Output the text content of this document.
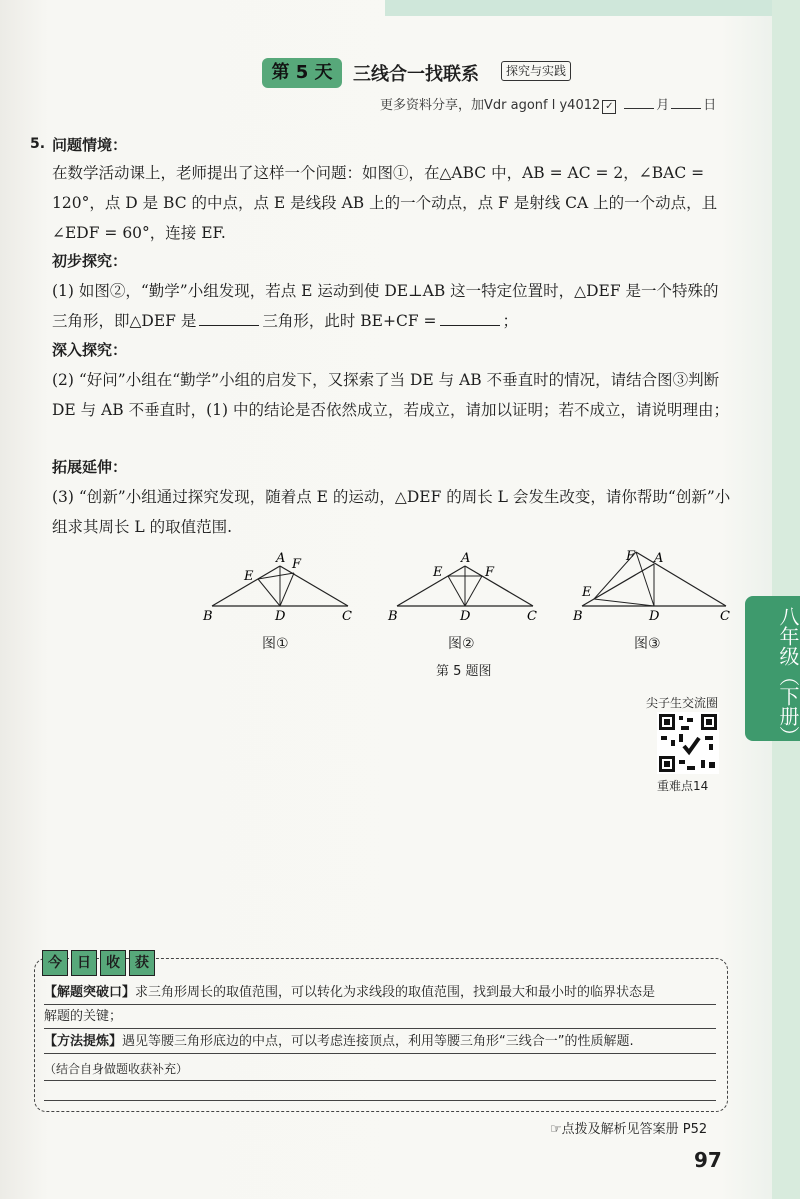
第 5 天	三线合一找联系	探究与实践
更多资料分享，加Vdr agonf l y4012 ✓	月	日
5. 问题情境：
在数学活动课上，老师提出了这样一个问题：如图①，在△ABC 中，AB = AC = 2，∠BAC = 120°，点 D 是 BC 的中点，点 E 是线段 AB 上的一个动点，点 F 是射线 CA 上的一个动点，且∠EDF = 60°，连接 EF.
初步探究：
(1) 如图②，“勤学”小组发现，若点 E 运动到使 DE⊥AB 这一特定位置时，△DEF 是一个特殊的三角形，即△DEF 是	三角形，此时 BE+CF =	；
深入探究：
(2) “好问”小组在“勤学”小组的启发下，又探索了当 DE 与 AB 不垂直时的情况，请结合图③判断 DE 与 AB 不垂直时，(1) 中的结论是否依然成立，若成立，请加以证明；若不成立，请说明理由；
拓展延伸：
(3) “创新”小组通过探究发现，随着点 E 的运动，△DEF 的周长 L 会发生改变，请你帮助“创新”小组求其周长 L 的取值范围.
B	D	C
A
E
F
图①
B	D	C
A
E	F
图②
B	D	C
A
E
F
图③
第 5 题图	八年级（下册）
尖子生交流圈
重难点14
今	日	收	获
【解题突破口】求三角形周长的取值范围，可以转化为求线段的取值范围，找到最大和最小时的临界状态是
解题的关键；
【方法提炼】遇见等腰三角形底边的中点，可以考虑连接顶点，利用等腰三角形“三线合一”的性质解题.
（结合自身做题收获补充）
☞点拨及解析见答案册 P52
97
